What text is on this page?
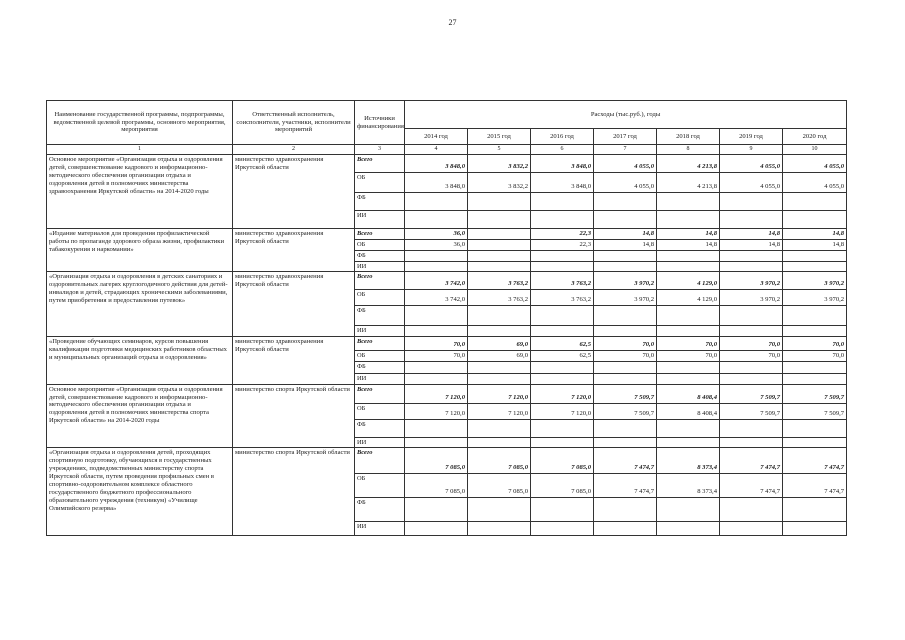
27
Наименование государственной программы, подпрограммы, ведомственной целевой программы, основного мероприятия, мероприятия	Ответственный исполнитель, соисполнители, участники, исполнители мероприятий	Источники финансирования	Расходы (тыс.руб.), годы						
			2014 год	2015 год	2016 год	2017 год	2018 год	2019 год	2020 год
1	2	3	4	5	6	7	8	9	10
Основное мероприятие «Организация отдыха и оздоровления детей, совершенствование кадрового и информационно-методического обеспечения организации отдыха и оздоровления детей в полномочиях министерства здравоохранения Иркутской области» на 2014-2020 годы	министерство здравоохранения Иркутской области	Всего	3 848,0	3 832,2	3 848,0	4 055,0	4 213,8	4 055,0	4 055,0
		ОБ	3 848,0	3 832,2	3 848,0	4 055,0	4 213,8	4 055,0	4 055,0
		ФБ							
		ИИ							
«Издание материалов для проведения профилактической работы по пропаганде здорового образа жизни, профилактики табакокурения и наркомании»	министерство здравоохранения Иркутской области	Всего	36,0		22,3	14,8	14,8	14,8	14,8
		ОБ	36,0		22,3	14,8	14,8	14,8	14,8
		ФБ							
		ИИ							
«Организация отдыха и оздоровления в детских санаториях и оздоровительных лагерях круглогодичного действия для детей-инвалидов и детей, страдающих хроническими заболеваниями, путем приобретения и предоставления путевок»	министерство здравоохранения Иркутской области	Всего	3 742,0	3 763,2	3 763,2	3 970,2	4 129,0	3 970,2	3 970,2
		ОБ	3 742,0	3 763,2	3 763,2	3 970,2	4 129,0	3 970,2	3 970,2
		ФБ							
		ИИ							
«Проведение обучающих семинаров, курсов повышения квалификации подготовки медицинских работников областных и муниципальных организаций отдыха и оздоровления»	министерство здравоохранения Иркутской области	Всего	70,0	69,0	62,5	70,0	70,0	70,0	70,0
		ОБ	70,0	69,0	62,5	70,0	70,0	70,0	70,0
		ФБ							
		ИИ							
Основное мероприятие «Организация отдыха и оздоровления детей, совершенствование кадрового и информационно-методического обеспечения организации отдыха и оздоровления детей в полномочиях министерства спорта Иркутской области» на 2014-2020 годы	министерство спорта Иркутской области	Всего	7 120,0	7 120,0	7 120,0	7 509,7	8 408,4	7 509,7	7 509,7
		ОБ	7 120,0	7 120,0	7 120,0	7 509,7	8 408,4	7 509,7	7 509,7
		ФБ							
		ИИ							
«Организация отдыха и оздоровления детей, проходящих спортивную подготовку, обучающихся в государственных учреждениях, подведомственных министерству спорта Иркутской области, путем проведения профильных смен в спортивно-оздоровительном комплексе областного государственного бюджетного профессионального образовательного учреждения (техникум) «Училище Олимпийского резерва»	министерство спорта Иркутской области	Всего	7 085,0	7 085,0	7 085,0	7 474,7	8 373,4	7 474,7	7 474,7
		ОБ	7 085,0	7 085,0	7 085,0	7 474,7	8 373,4	7 474,7	7 474,7
		ФБ							
		ИИ							
